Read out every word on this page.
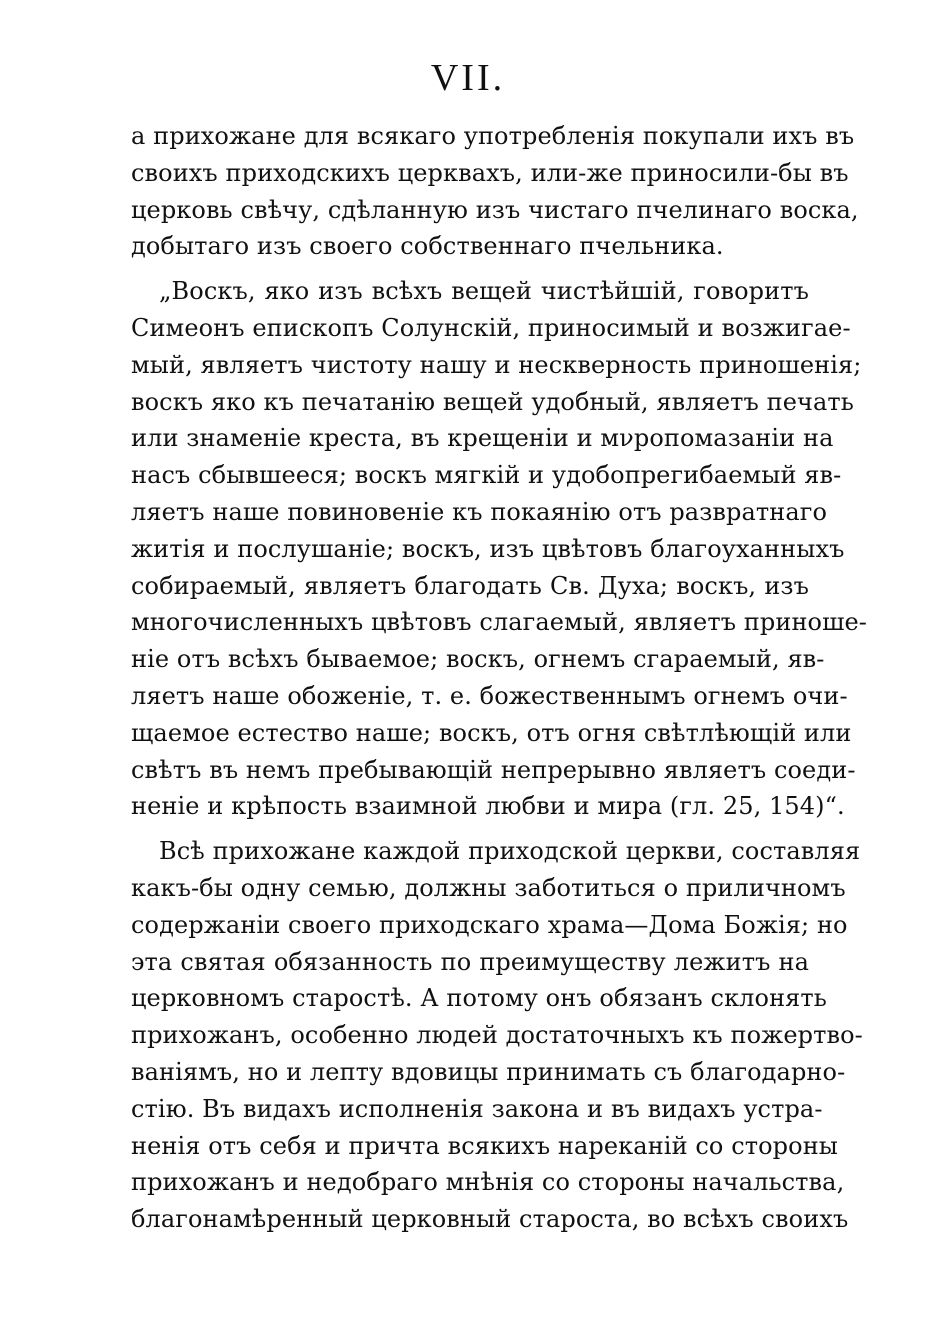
VII.
а прихожане для всякаго употребленія покупали ихъ въ
своихъ приходскихъ церквахъ, или-же приносили-бы въ
церковь свѣчу, сдѣланную изъ чистаго пчелинаго воска,
добытаго изъ своего собственнаго пчельника.
„Воскъ, яко изъ всѣхъ вещей чистѣйшій, говоритъ
Симеонъ епископъ Солунскій, приносимый и возжигае-
мый, являетъ чистоту нашу и нескверность приношенія;
воскъ яко къ печатанію вещей удобный, являетъ печать
или знаменіе креста, въ крещеніи и мνропомазаніи на
насъ сбывшееся; воскъ мягкій и удобопрегибаемый яв-
ляетъ наше повиновеніе къ покаянію отъ развратнаго
житія и послушаніе; воскъ, изъ цвѣтовъ благоуханныхъ
собираемый, являетъ благодать Св. Духа; воскъ, изъ
многочисленныхъ цвѣтовъ слагаемый, являетъ приноше-
ніе отъ всѣхъ бываемое; воскъ, огнемъ сгараемый, яв-
ляетъ наше обоженіе, т. е. божественнымъ огнемъ очи-
щаемое естество наше; воскъ, отъ огня свѣтлѣющій или
свѣтъ въ немъ пребывающій непрерывно являетъ соеди-
неніе и крѣпость взаимной любви и мира (гл. 25, 154)“.
Всѣ прихожане каждой приходской церкви, составляя
какъ-бы одну семью, должны заботиться о приличномъ
содержаніи своего приходскаго храма—Дома Божія; но
эта святая обязанность по преимуществу лежитъ на
церковномъ старостѣ. А потому онъ обязанъ склонять
прихожанъ, особенно людей достаточныхъ къ пожертво-
ваніямъ, но и лепту вдовицы принимать съ благодарно-
стію. Въ видахъ исполненія закона и въ видахъ устра-
ненія отъ себя и причта всякихъ нареканій со стороны
прихожанъ и недобраго мнѣнія со стороны начальства,
благонамѣренный церковный староста, во всѣхъ своихъ
